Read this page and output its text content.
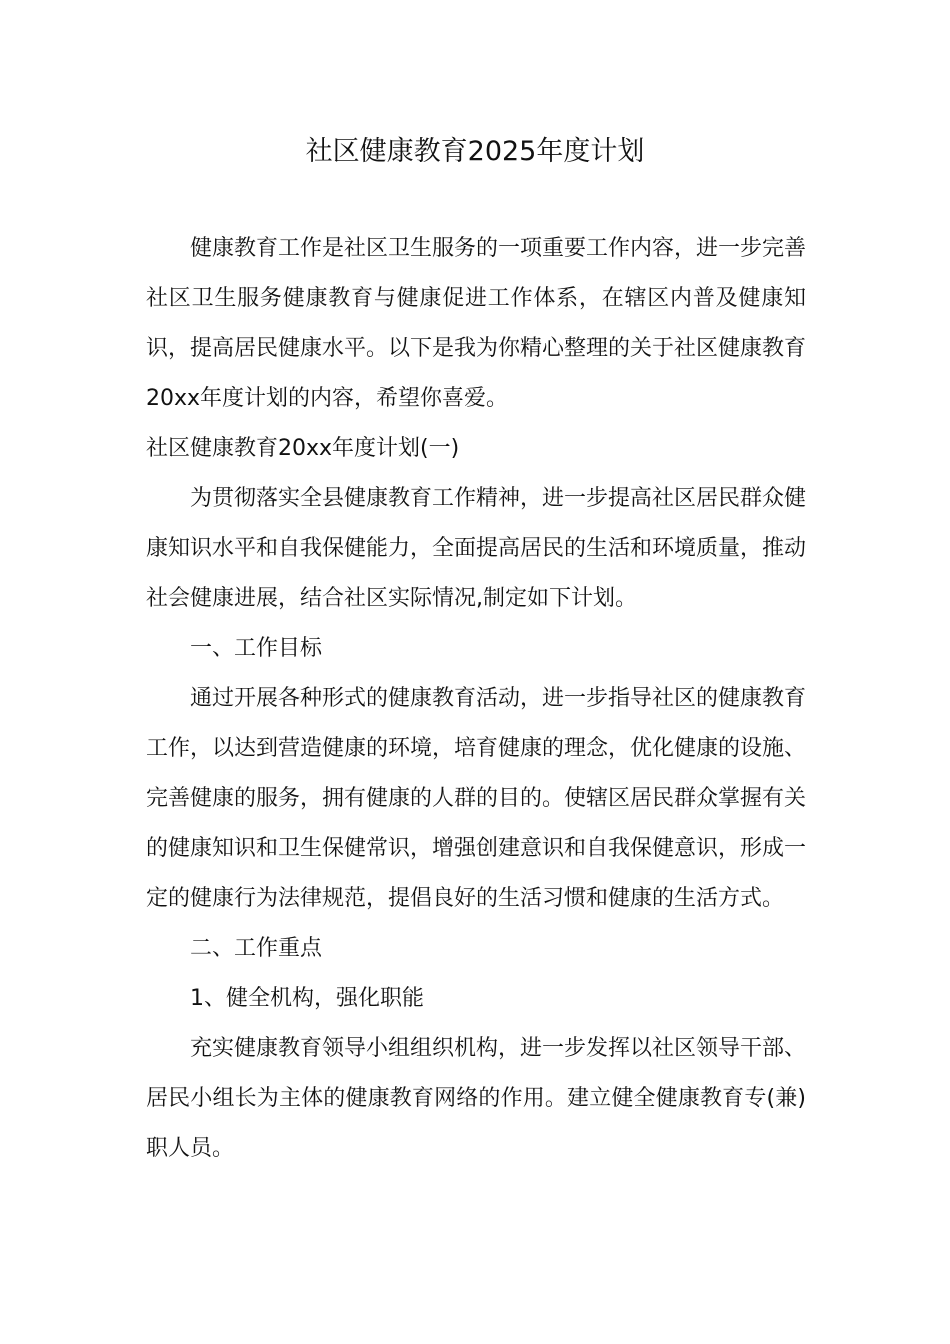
社区健康教育2025年度计划

健康教育工作是社区卫生服务的一项重要工作内容，进一步完善社区卫生服务健康教育与健康促进工作体系，在辖区内普及健康知识，提高居民健康水平。以下是我为你精心整理的关于社区健康教育20xx年度计划的内容，希望你喜爱。

社区健康教育20xx年度计划(一)

为贯彻落实全县健康教育工作精神，进一步提高社区居民群众健康知识水平和自我保健能力，全面提高居民的生活和环境质量，推动社会健康进展，结合社区实际情况,制定如下计划。

一、工作目标

通过开展各种形式的健康教育活动，进一步指导社区的健康教育工作，以达到营造健康的环境，培育健康的理念，优化健康的设施、完善健康的服务，拥有健康的人群的目的。使辖区居民群众掌握有关的健康知识和卫生保健常识，增强创建意识和自我保健意识，形成一定的健康行为法律规范，提倡良好的生活习惯和健康的生活方式。

二、工作重点

1、健全机构，强化职能

充实健康教育领导小组组织机构，进一步发挥以社区领导干部、居民小组长为主体的健康教育网络的作用。建立健全健康教育专(兼)职人员。
